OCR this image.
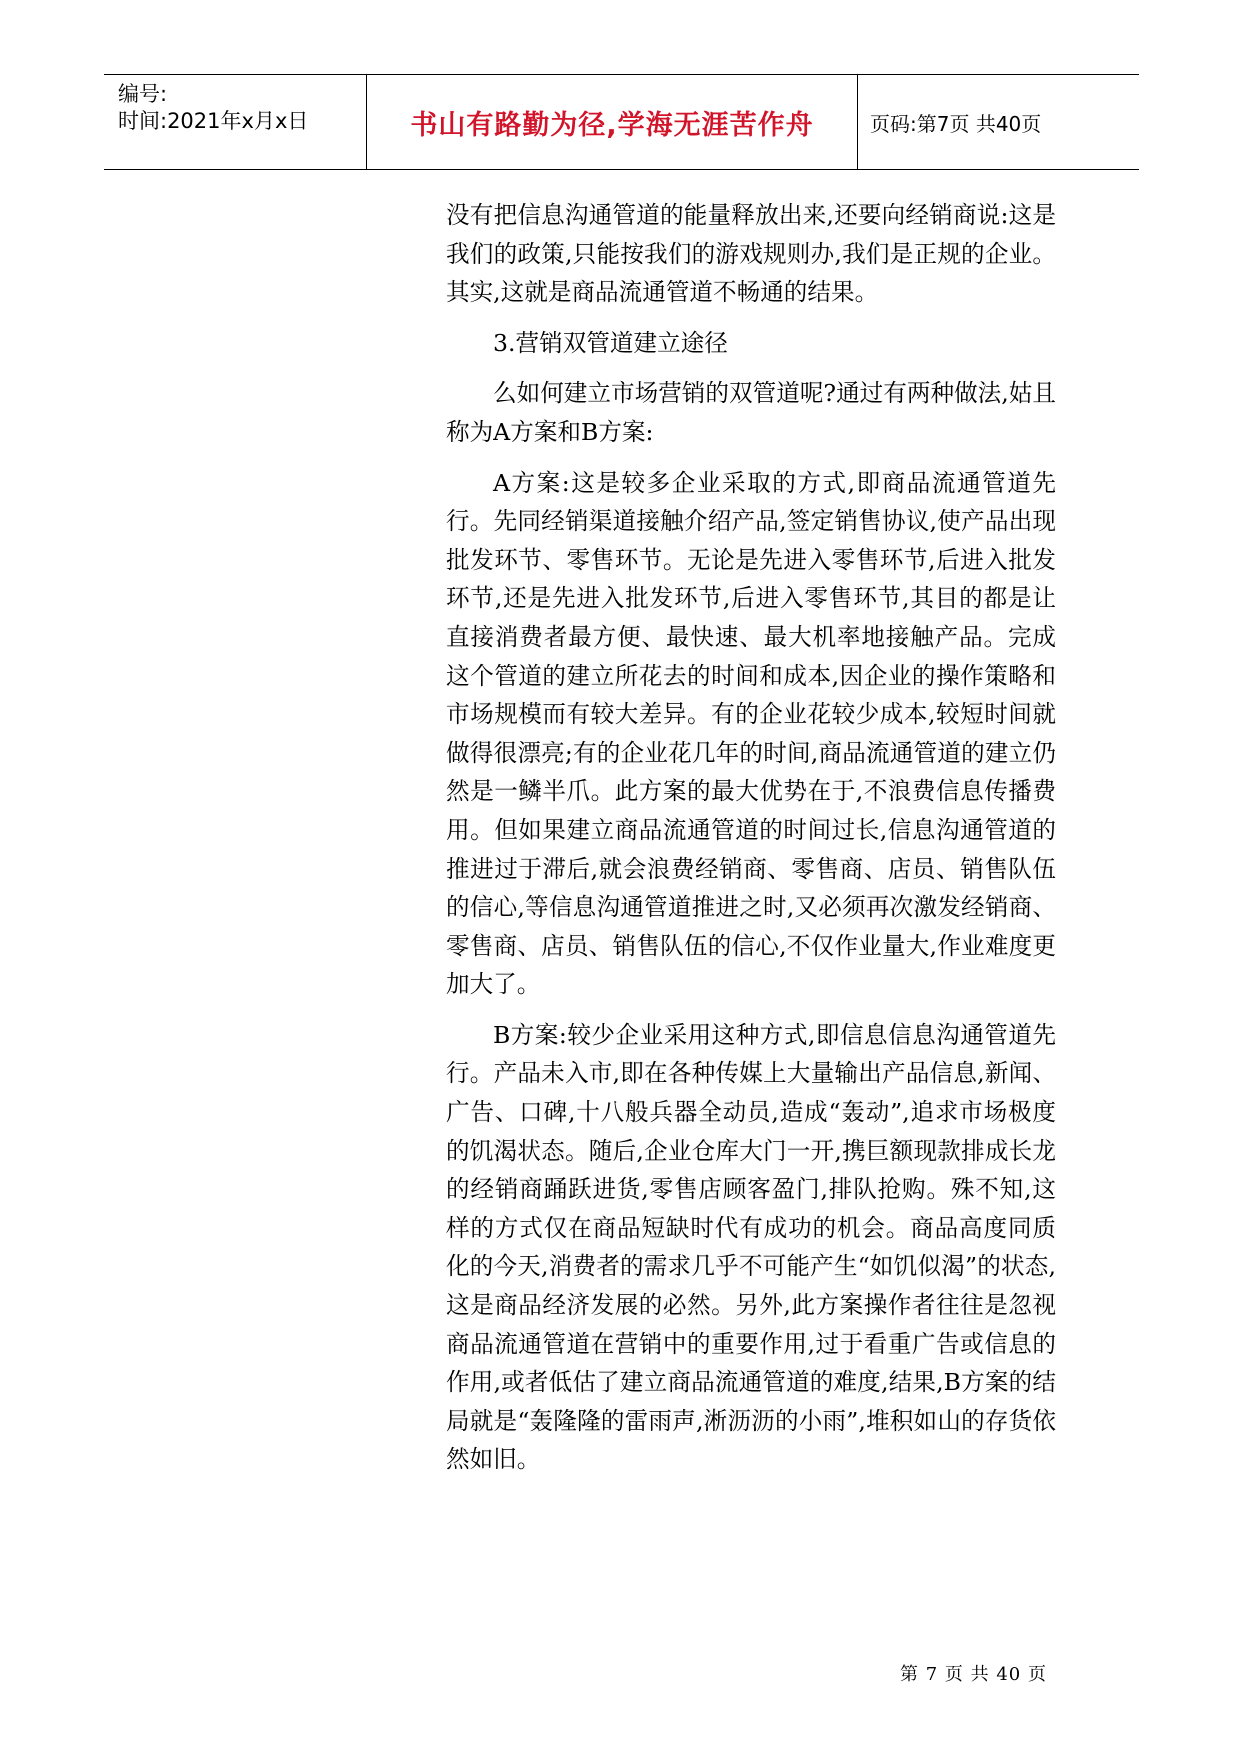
编号:
时间:2021年x月x日	书山有路勤为径,学海无涯苦作舟	页码:第7页 共40页

没有把信息沟通管道的能量释放出来,还要向经销商说:这是我们的政策,只能按我们的游戏规则办,我们是正规的企业。其实,这就是商品流通管道不畅通的结果。

3.营销双管道建立途径

么如何建立市场营销的双管道呢?通过有两种做法,姑且称为A方案和B方案:

A方案:这是较多企业采取的方式,即商品流通管道先行。先同经销渠道接触介绍产品,签定销售协议,使产品出现批发环节、零售环节。无论是先进入零售环节,后进入批发环节,还是先进入批发环节,后进入零售环节,其目的都是让直接消费者最方便、最快速、最大机率地接触产品。完成这个管道的建立所花去的时间和成本,因企业的操作策略和市场规模而有较大差异。有的企业花较少成本,较短时间就做得很漂亮;有的企业花几年的时间,商品流通管道的建立仍然是一鳞半爪。此方案的最大优势在于,不浪费信息传播费用。但如果建立商品流通管道的时间过长,信息沟通管道的推进过于滞后,就会浪费经销商、零售商、店员、销售队伍的信心,等信息沟通管道推进之时,又必须再次激发经销商、零售商、店员、销售队伍的信心,不仅作业量大,作业难度更加大了。

B方案:较少企业采用这种方式,即信息信息沟通管道先行。产品未入市,即在各种传媒上大量输出产品信息,新闻、广告、口碑,十八般兵器全动员,造成“轰动”,追求市场极度的饥渴状态。随后,企业仓库大门一开,携巨额现款排成长龙的经销商踊跃进货,零售店顾客盈门,排队抢购。殊不知,这样的方式仅在商品短缺时代有成功的机会。商品高度同质化的今天,消费者的需求几乎不可能产生“如饥似渴”的状态,这是商品经济发展的必然。另外,此方案操作者往往是忽视商品流通管道在营销中的重要作用,过于看重广告或信息的作用,或者低估了建立商品流通管道的难度,结果,B方案的结局就是“轰隆隆的雷雨声,淅沥沥的小雨”,堆积如山的存货依然如旧。

第 7 页 共 40 页
